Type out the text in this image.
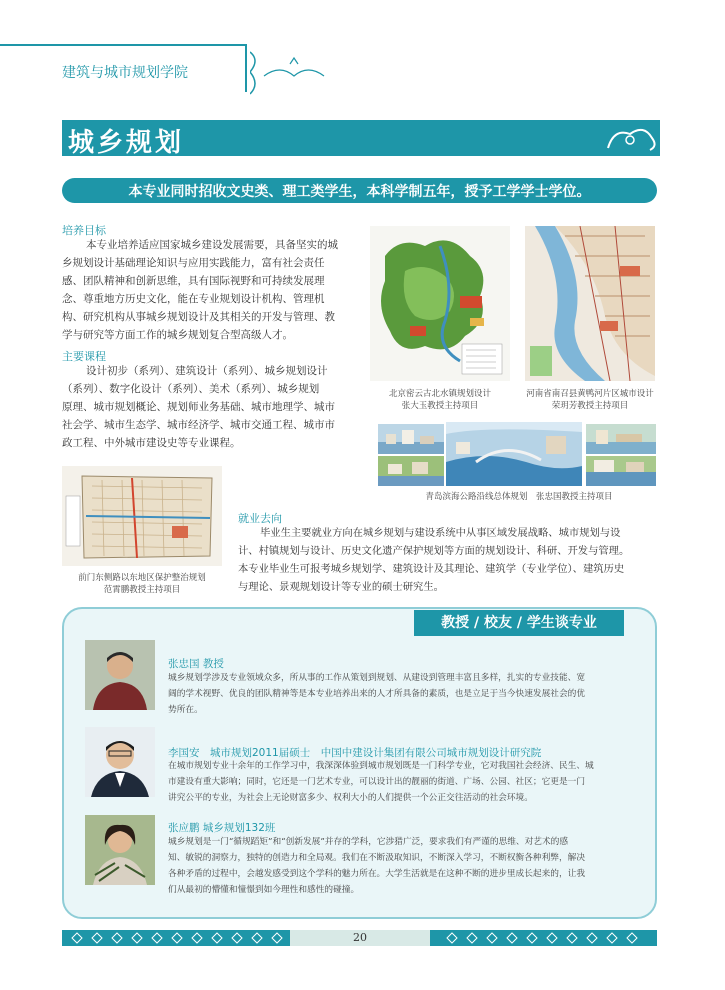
建筑与城市规划学院
城乡规划
本专业同时招收文史类、理工类学生，本科学制五年，授予工学学士学位。
培养目标
本专业培养适应国家城乡建设发展需要，具备坚实的城
乡规划设计基础理论知识与应用实践能力，富有社会责任
感、团队精神和创新思维，具有国际视野和可持续发展理
念、尊重地方历史文化，能在专业规划设计机构、管理机
构、研究机构从事城乡规划设计及其相关的开发与管理、教
学与研究等方面工作的城乡规划复合型高级人才。
主要课程
设计初步（系列）、建筑设计（系列）、城乡规划设计
（系列）、数字化设计（系列）、美术（系列）、城乡规划
原理、城市规划概论、规划师业务基础、城市地理学、城市
社会学、城市生态学、城市经济学、城市交通工程、城市市
政工程、中外城市建设史等专业课程。
北京密云古北水镇规划设计
张大玉教授主持项目
河南省南召县黄鸭河片区城市设计
荣玥芳教授主持项目
青岛滨海公路沿线总体规划　张忠国教授主持项目
前门东侧路以东地区保护整治规划
范霄鹏教授主持项目
就业去向
毕业生主要就业方向在城乡规划与建设系统中从事区域发展战略、城市规划与设
计、村镇规划与设计、历史文化遗产保护规划等方面的规划设计、科研、开发与管理。
本专业毕业生可报考城乡规划学、建筑设计及其理论、建筑学（专业学位）、建筑历史
与理论、景观规划设计等专业的硕士研究生。
教授 / 校友 / 学生谈专业
张忠国 教授
城乡规划学涉及专业领域众多，所从事的工作从策划到规划、从建设到管理丰富且多样，扎实的专业技能、宽
阔的学术视野、优良的团队精神等是本专业培养出来的人才所具备的素质，也是立足于当今快速发展社会的优
势所在。
李国安　城市规划2011届硕士　中国中建设计集团有限公司城市规划设计研究院
在城市规划专业十余年的工作学习中，我深深体验到城市规划既是一门科学专业，它对我国社会经济、民生、城
市建设有重大影响；同时，它还是一门艺术专业，可以设计出的靓丽的街道、广场、公园、社区；它更是一门
讲究公平的专业，为社会上无论财富多少、权利大小的人们提供一个公正交往活动的社会环境。
张应鹏 城乡规划132班
城乡规划是一门“循规蹈矩”和“创新发展”并存的学科，它涉猎广泛，要求我们有严谨的思维、对艺术的感
知、敏锐的洞察力，独特的创造力和全局观。我们在不断汲取知识，不断深入学习，不断权衡各种利弊，解决
各种矛盾的过程中，会越发感受到这个学科的魅力所在。大学生活就是在这种不断的进步里成长起来的，让我
们从最初的懵懂和憧憬到如今理性和感性的碰撞。
20
